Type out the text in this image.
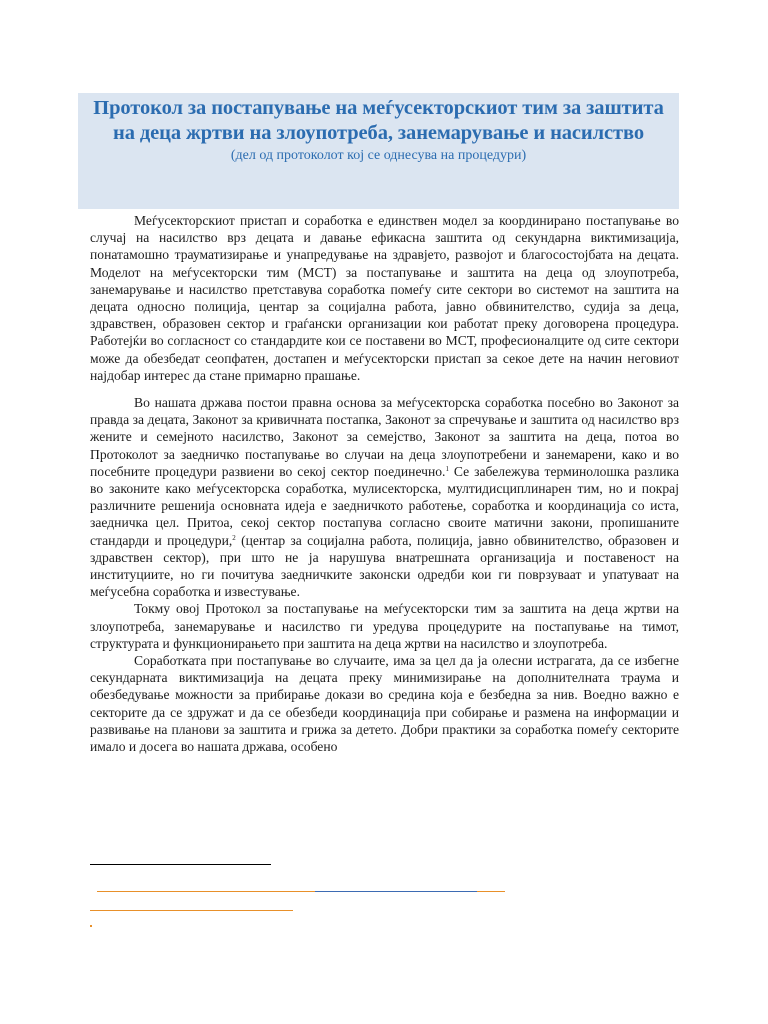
Протокол за постапување на меѓусекторскиот тим за заштита на деца жртви на злоупотреба, занемарување и насилство
(дел од протоколот кој се однесува на процедури)

Меѓусекторскиот пристап и соработка е единствен модел за координирано постапување во случај на насилство врз децата и давање ефикасна заштита од секундарна виктимизација, понатамошно трауматизирање и унапредување на здравјето, развојот и благосостојбата на децата. Моделот на меѓусекторски тим (МСТ) за постапување и заштита на деца од злоупотреба, занемарување и насилство претставува соработка помеѓу сите сектори во системот на заштита на децата односно полиција, центар за социјална работа, јавно обвинителство, судија за деца, здравствен, образовен сектор и граѓански организации кои работат преку договорена процедура. Работејќи во согласност со стандардите кои се поставени во МСТ, професионалците од сите сектори може да обезбедат сеопфатен, достапен и меѓусекторски пристап за секое дете на начин неговиот најдобар интерес да стане примарно прашање.

Во нашата држава постои правна основа за меѓусекторска соработка посебно во Законот за правда за децата, Законот за кривичната постапка, Законот за спречување и заштита од насилство врз жените и семејното насилство, Законот за семејство, Законот за заштита на деца, потоа во Протоколот за заедничко постапување во случаи на деца злоупотребени и занемарени, како и во посебните процедури развиени во секој сектор поединечно.$^1$ Се забележува терминолошка разлика во законите како меѓусекторска соработка, мулисекторска, мултидисциплинарен тим, но и покрај различните решенија основната идеја е заедничкото работење, соработка и координација со иста, заедничка цел. Притоа, секој сектор постапува согласно своите матични закони, пропишаните стандарди и процедури,$^2$ (центар за социјална работа, полиција, јавно обвинителство, образовен и здравствен сектор), при што не ја нарушува внатрешната организација и поставеност на институциите, но ги почитува заедничките законски одредби кои ги поврзуваат и упатуваат на меѓусебна соработка и известување.

Токму овој Протокол за постапување на меѓусекторски тим за заштита на деца жртви на злоупотреба, занемарување и насилство ги уредува процедурите на постапување на тимот, структурата и функционирањето при заштита на деца жртви на насилство и злоупотреба.

Соработката при постапување во случаите, има за цел да ја олесни истрагата, да се избегне секундарната виктимизација на децата преку минимизирање на дополнителната траума и обезбедување можности за прибирање докази во средина која е безбедна за нив. Воедно важно е секторите да се здружат и да се обезбеди координација при собирање и размена на информации и развивање на планови за заштита и грижа за детето. Добри практики за соработка помеѓу секторите имало и досега во нашата држава, особено
